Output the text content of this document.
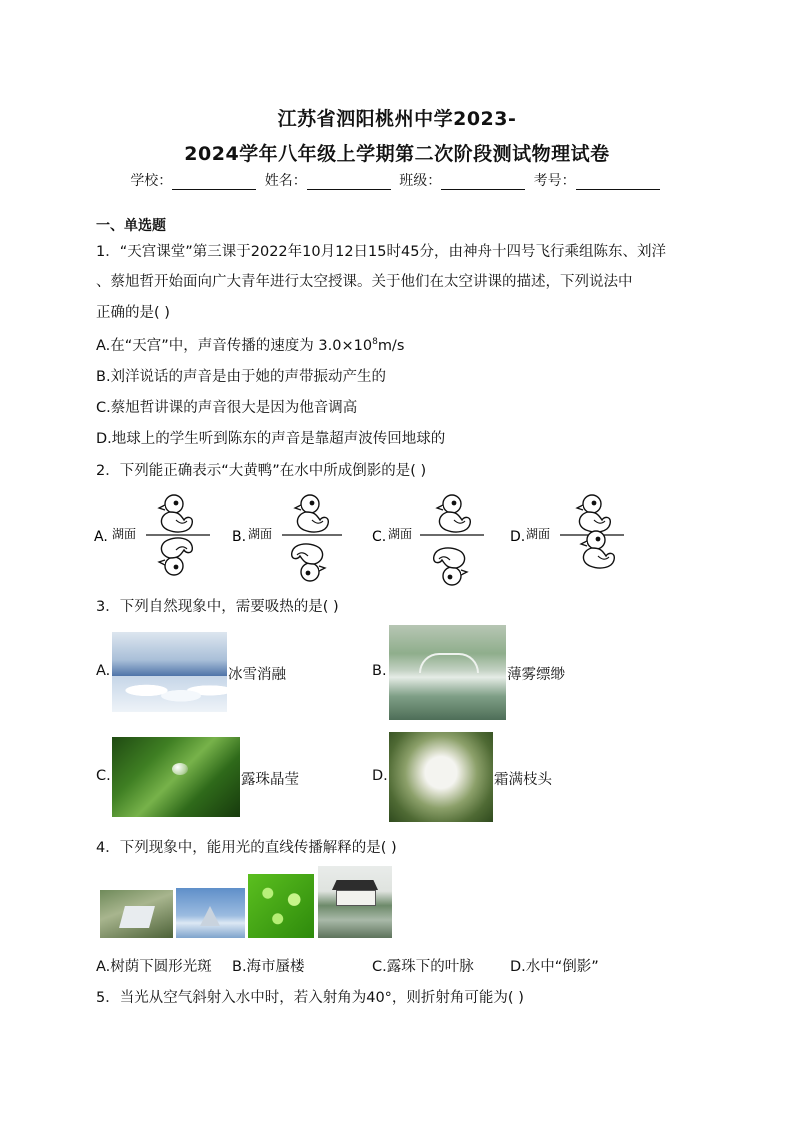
江苏省泗阳桃州中学2023-
2024学年八年级上学期第二次阶段测试物理试卷
学校：	姓名：	班级：	考号：
一、单选题
1．“天宫课堂”第三课于2022年10月12日15时45分，由神舟十四号飞行乘组陈东、刘洋
、蔡旭哲开始面向广大青年进行太空授课。关于他们在太空讲课的描述，下列说法中
正确的是( )
A.在“天宫”中，声音传播的速度为 $3.0\times 10^8m/s$
B.刘洋说话的声音是由于她的声带振动产生的
C.蔡旭哲讲课的声音很大是因为他音调高
D.地球上的学生听到陈东的声音是靠超声波传回地球的
2．下列能正确表示“大黄鸭”在水中所成倒影的是( )
A. 湖面	B. 湖面	C. 湖面	D. 湖面
3．下列自然现象中，需要吸热的是( )
A.	冰雪消融	B.	薄雾缥缈
C.	露珠晶莹	D.	霜满枝头
4．下列现象中，能用光的直线传播解释的是( )
A.树荫下圆形光斑 B.海市蜃楼	C.露珠下的叶脉	D.水中“倒影”
5．当光从空气斜射入水中时，若入射角为40°，则折射角可能为( )
